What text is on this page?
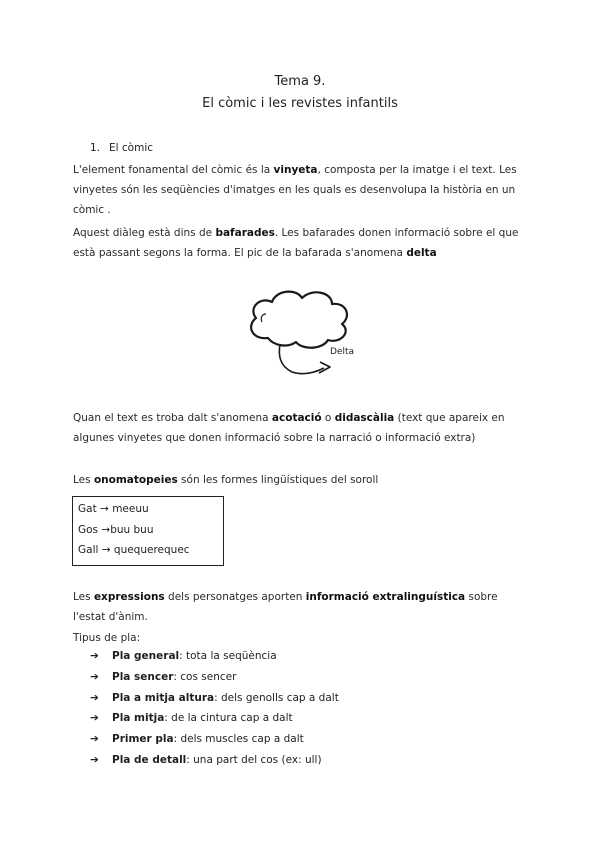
Tema 9.
El còmic i les revistes infantils
1. El còmic
L'element fonamental del còmic és la vinyeta, composta per la imatge i el text. Les vinyetes són les seqüències d'imatges en les quals es desenvolupa la història en un còmic .
Aquest diàleg està dins de bafarades. Les bafarades donen informació sobre el que està passant segons la forma. El pic de la bafarada s'anomena delta
Delta
Quan el text es troba dalt s'anomena acotació o didascàlia (text que apareix en algunes vinyetes que donen informació sobre la narració o informació extra)
Les onomatopeies són les formes lingüístiques del soroll
Gat → meeuu
Gos →buu buu
Gall → quequerequec
Les expressions dels personatges aporten informació extralinguística sobre l'estat d'ànim.
Tipus de pla:
➔ Pla general: tota la seqüència
➔ Pla sencer: cos sencer
➔ Pla a mitja altura: dels genolls cap a dalt
➔ Pla mitja: de la cintura cap a dalt
➔ Primer pla: dels muscles cap a dalt
➔ Pla de detall: una part del cos (ex: ull)
